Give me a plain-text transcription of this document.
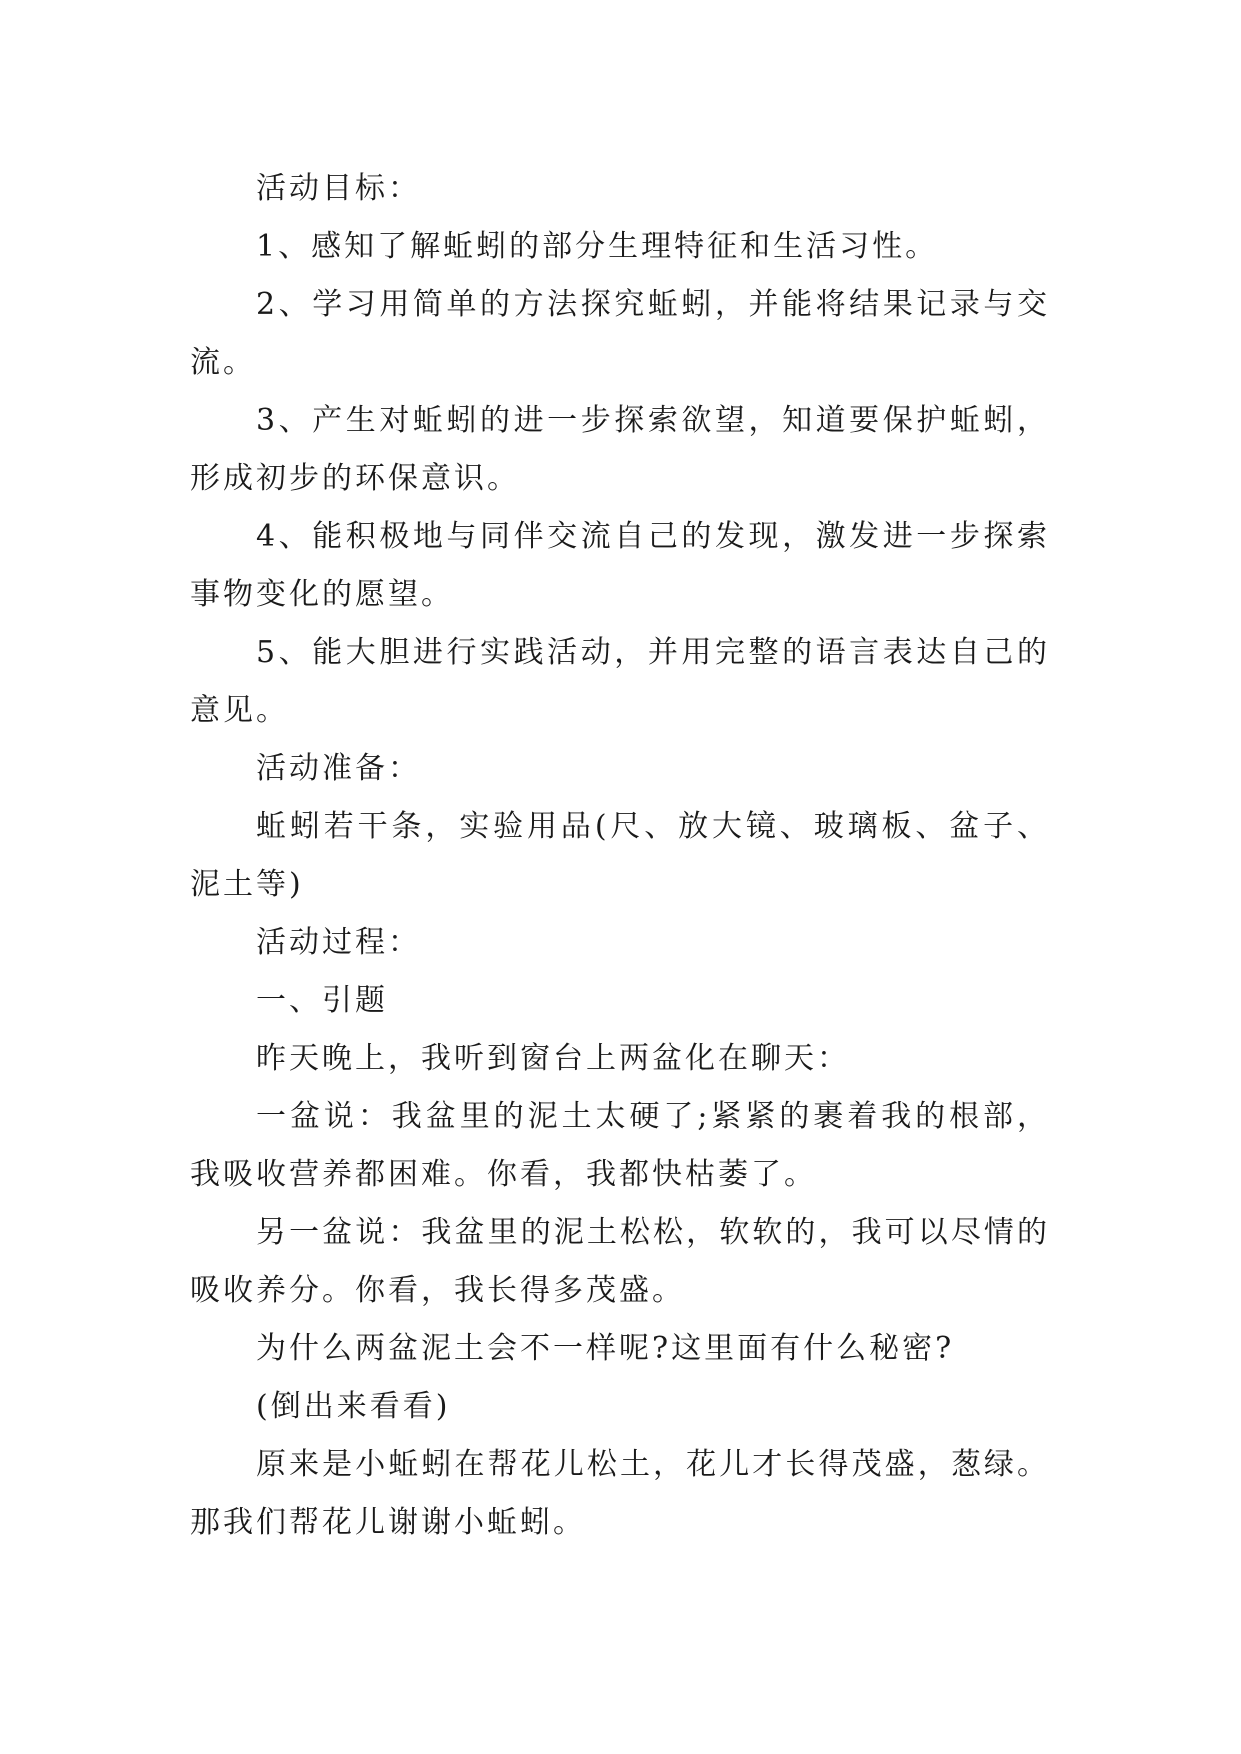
活动目标：

1、感知了解蚯蚓的部分生理特征和生活习性。

2、学习用简单的方法探究蚯蚓，并能将结果记录与交流。

3、产生对蚯蚓的进一步探索欲望，知道要保护蚯蚓，形成初步的环保意识。

4、能积极地与同伴交流自己的发现，激发进一步探索事物变化的愿望。

5、能大胆进行实践活动，并用完整的语言表达自己的意见。

活动准备：

蚯蚓若干条，实验用品(尺、放大镜、玻璃板、盆子、泥土等)

活动过程：

一、引题

昨天晚上，我听到窗台上两盆化在聊天：

一盆说：我盆里的泥土太硬了;紧紧的裹着我的根部，我吸收营养都困难。你看，我都快枯萎了。

另一盆说：我盆里的泥土松松，软软的，我可以尽情的吸收养分。你看，我长得多茂盛。

为什么两盆泥土会不一样呢?这里面有什么秘密?

(倒出来看看)

原来是小蚯蚓在帮花儿松土，花儿才长得茂盛，葱绿。那我们帮花儿谢谢小蚯蚓。
